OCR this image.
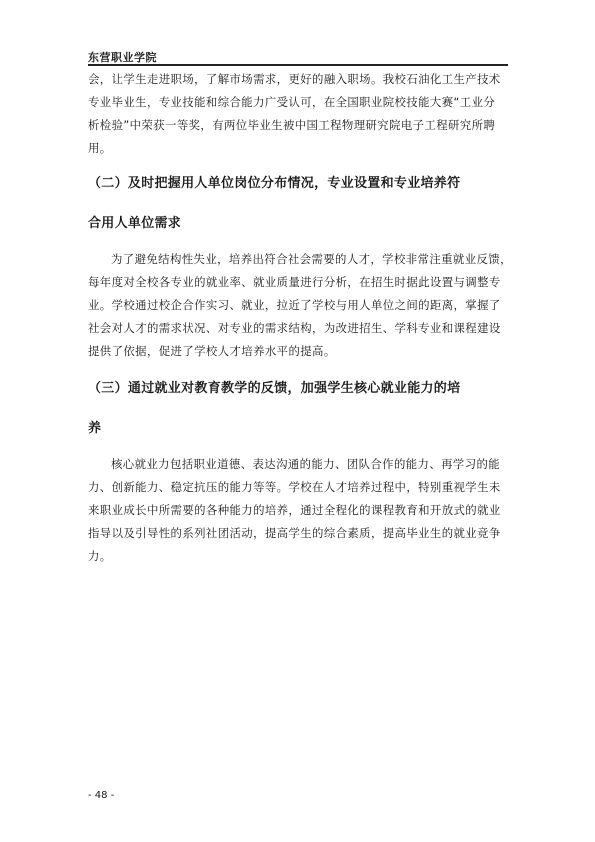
东营职业学院

会，让学生走进职场，了解市场需求，更好的融入职场。我校石油化工生产技术
专业毕业生，专业技能和综合能力广受认可，在全国职业院校技能大赛“工业分
析检验”中荣获一等奖，有两位毕业生被中国工程物理研究院电子工程研究所聘
用。

（二）及时把握用人单位岗位分布情况，专业设置和专业培养符
合用人单位需求

为了避免结构性失业，培养出符合社会需要的人才，学校非常注重就业反馈，
每年度对全校各专业的就业率、就业质量进行分析，在招生时据此设置与调整专
业。学校通过校企合作实习、就业，拉近了学校与用人单位之间的距离，掌握了
社会对人才的需求状况、对专业的需求结构，为改进招生、学科专业和课程建设
提供了依据，促进了学校人才培养水平的提高。

（三）通过就业对教育教学的反馈，加强学生核心就业能力的培
养

核心就业力包括职业道德、表达沟通的能力、团队合作的能力、再学习的能
力、创新能力、稳定抗压的能力等等。学校在人才培养过程中，特别重视学生未
来职业成长中所需要的各种能力的培养，通过全程化的课程教育和开放式的就业
指导以及引导性的系列社团活动，提高学生的综合素质，提高毕业生的就业竞争
力。

- 48 -
